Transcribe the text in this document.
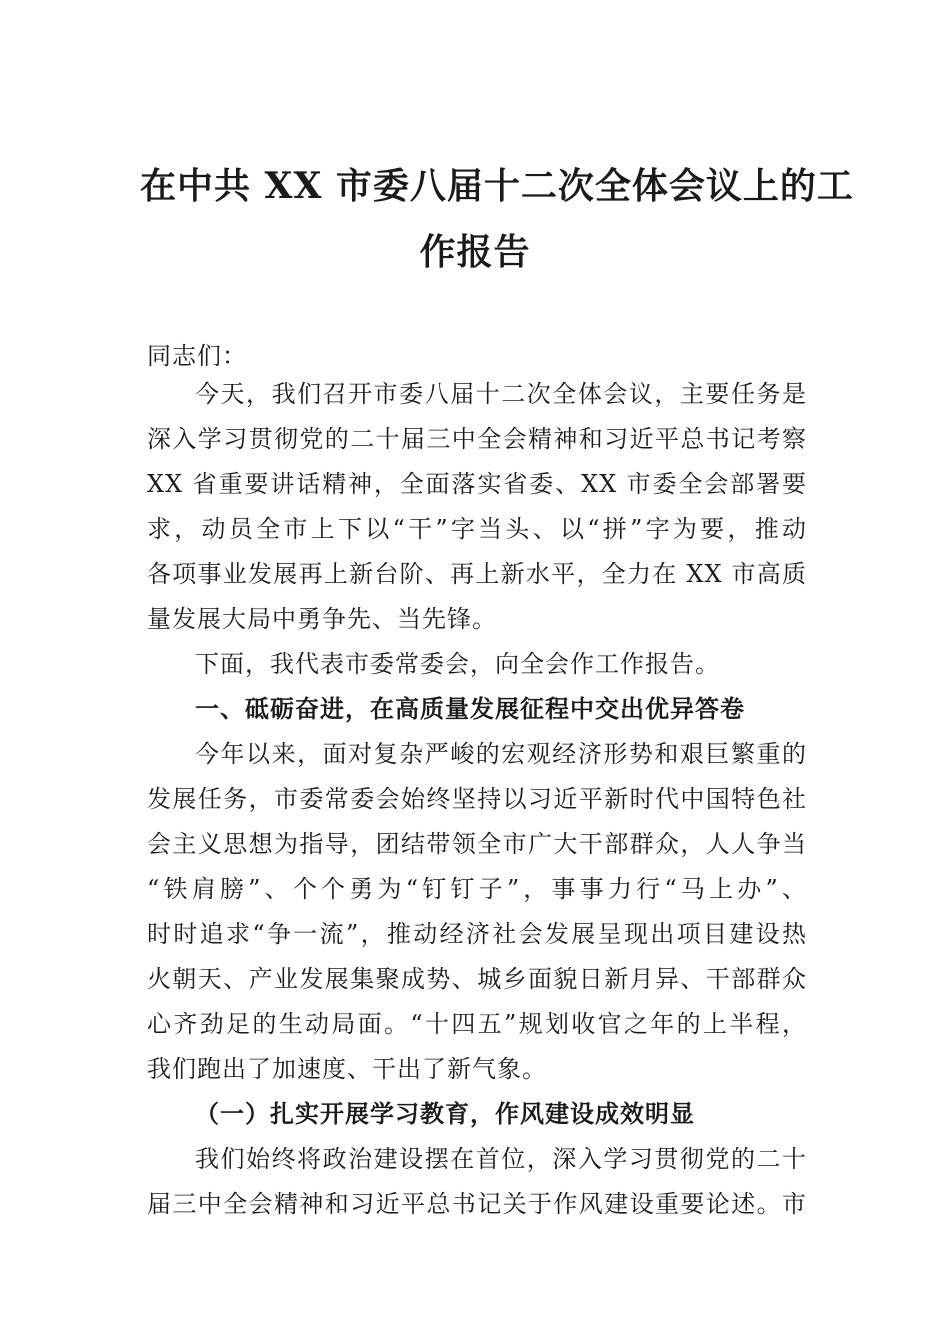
在中共 XX 市委八届十二次全体会议上的工
作报告
同志们：
今天，我们召开市委八届十二次全体会议，主要任务是
深入学习贯彻党的二十届三中全会精神和习近平总书记考察
XX 省重要讲话精神，全面落实省委、XX 市委全会部署要
求，动员全市上下以“干”字当头、以“拼”字为要，推动
各项事业发展再上新台阶、再上新水平，全力在 XX 市高质
量发展大局中勇争先、当先锋。
下面，我代表市委常委会，向全会作工作报告。
一、砥砺奋进，在高质量发展征程中交出优异答卷
今年以来，面对复杂严峻的宏观经济形势和艰巨繁重的
发展任务，市委常委会始终坚持以习近平新时代中国特色社
会主义思想为指导，团结带领全市广大干部群众，人人争当
“铁肩膀”、个个勇为“钉钉子”，事事力行“马上办”、
时时追求“争一流”，推动经济社会发展呈现出项目建设热
火朝天、产业发展集聚成势、城乡面貌日新月异、干部群众
心齐劲足的生动局面。“十四五”规划收官之年的上半程，
我们跑出了加速度、干出了新气象。
（一）扎实开展学习教育，作风建设成效明显
我们始终将政治建设摆在首位，深入学习贯彻党的二十
届三中全会精神和习近平总书记关于作风建设重要论述。市
